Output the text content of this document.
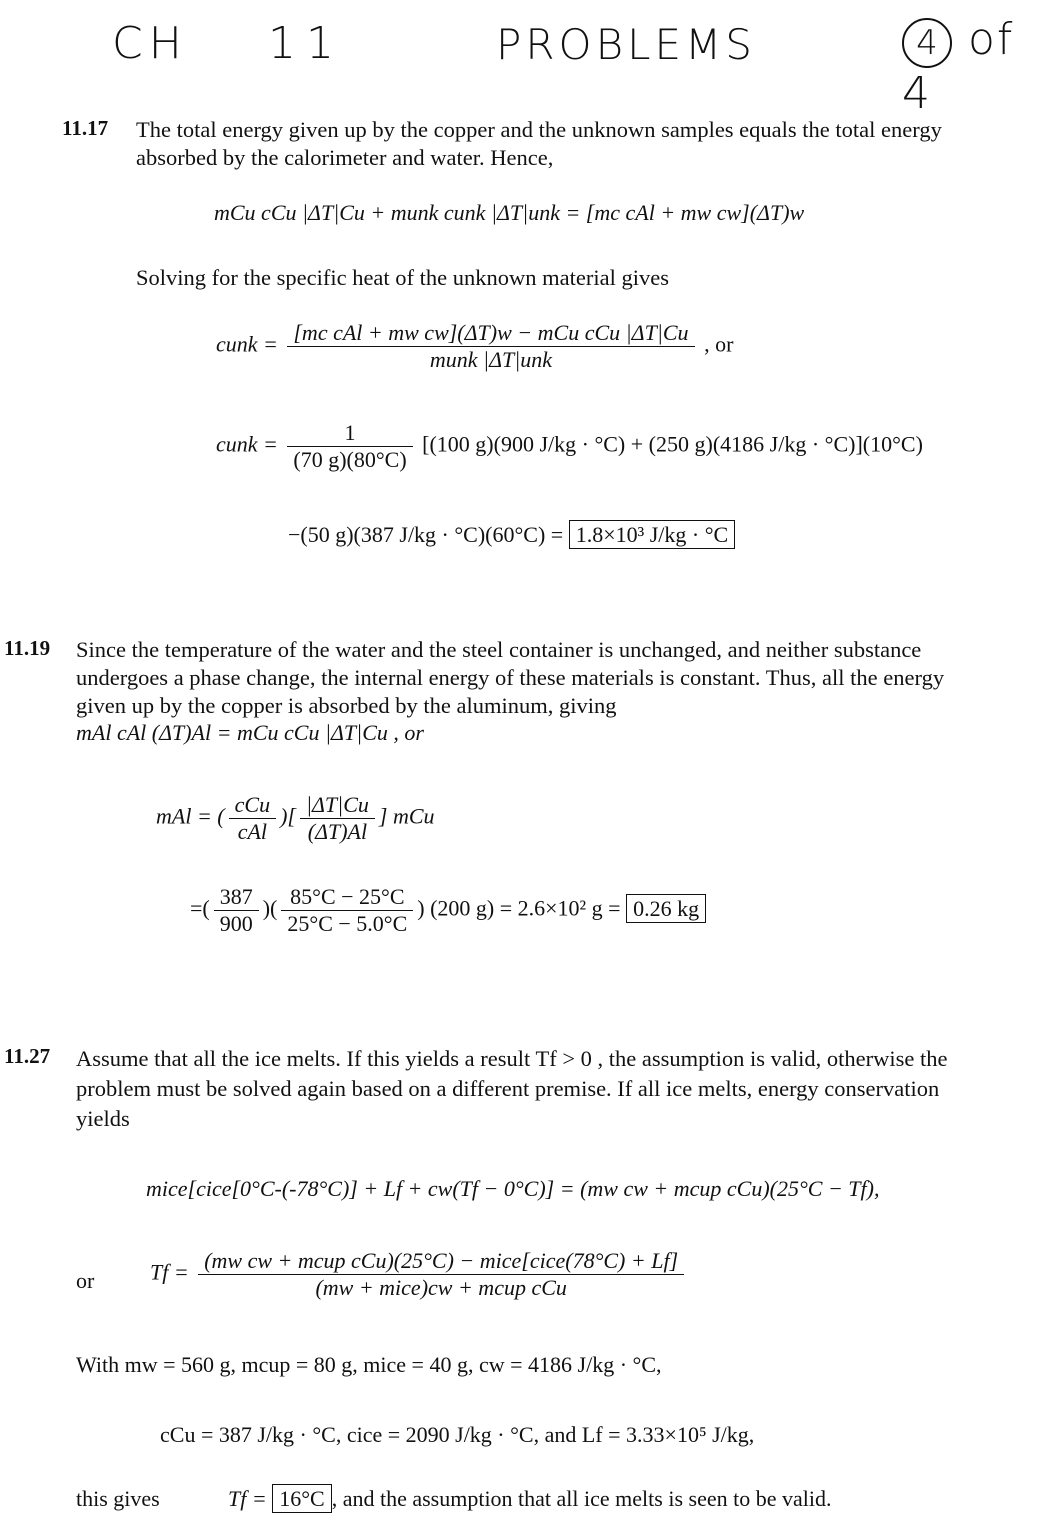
CH 11	PROBLEMS	4 of 4
11.17 The total energy given up by the copper and the unknown samples equals the total energy absorbed by the calorimeter and water. Hence,
mCu cCu |ΔT|Cu + munk cunk |ΔT|unk = [mc cAl + mw cw](ΔT)w
Solving for the specific heat of the unknown material gives
cunk = $\frac{\text{[mc cAl + mw cw](ΔT)w − mCu cCu |ΔT|Cu}}{\text{munk |ΔT|unk}}$ , or
cunk = $\frac{1}{(70 g)(80^\circ C)} [(100$ g)(900 J/kg · °C) + (250 g)(4186 J/kg · °C)](10°C)
−(50 g)(387 J/kg · °C)(60°C) = 1.8×10³ J/kg · °C
11.19 Since the temperature of the water and the steel container is unchanged, and neither substance undergoes a phase change, the internal energy of these materials is constant. Thus, all the energy given up by the copper is absorbed by the aluminum, giving
mAl cAl (ΔT)Al = mCu cCu |ΔT|Cu , or
mAl = ( $\frac{\text{cCu}}{\text{cAl}}$ )[ $\frac{|\Delta T|Cu}{(\Delta T)Al}$ ] mCu
=( $\frac{387}{900}$ )( $\frac{85^\circ C - 25^\circ C}{25^\circ C - 5.0^\circ C}$ ) (200 g) = 2.6×10² g = 0.26 kg
11.27 Assume that all the ice melts. If this yields a result Tf > 0 , the assumption is valid, otherwise the problem must be solved again based on a different premise. If all ice melts, energy conservation yields
mice[cice[0°C-(-78°C)] + Lf + cw(Tf − 0°C)] = (mw cw + mcup cCu)(25°C − Tf),
or	$Tf = \frac{\text{(mw cw + mcup cCu)(25°C) − mice[cice(78°C) + Lf]}}{\text{(mw + mice)cw + mcup cCu}}$
With mw = 560 g, mcup = 80 g, mice = 40 g, cw = 4186 J/kg · °C,
cCu = 387 J/kg · °C, cice = 2090 J/kg · °C, and Lf = 3.33×10⁵ J/kg,
this gives	Tf = 16°C , and the assumption that all ice melts is seen to be valid.
